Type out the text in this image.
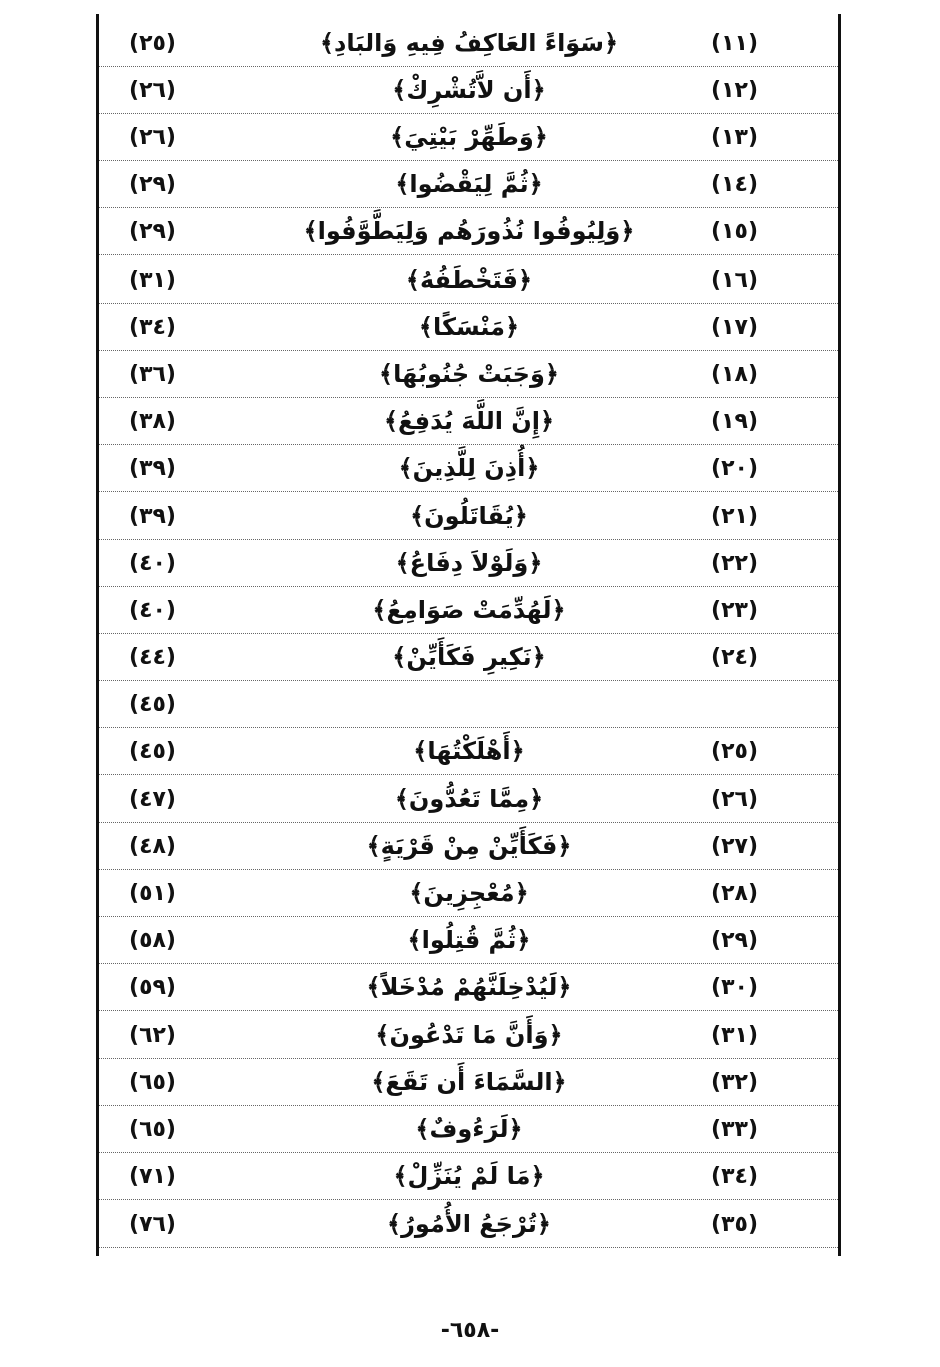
(٢٥)	﴿سَوَاءً العَاكِفُ فِيهِ وَالبَادِ﴾	(١١)
(٢٦)	﴿أَن لاَّتُشْرِكْ﴾	(١٢)
(٢٦)	﴿وَطَهِّرْ بَيْتِيَ﴾	(١٣)
(٢٩)	﴿ثُمَّ لِيَقْضُوا﴾	(١٤)
(٢٩)	﴿وَلِيُوفُوا نُذُورَهُم وَلِيَطَّوَّفُوا﴾	(١٥)
(٣١)	﴿فَتَخْطَفُهُ﴾	(١٦)
(٣٤)	﴿مَنْسَكًا﴾	(١٧)
(٣٦)	﴿وَجَبَتْ جُنُوبُهَا﴾	(١٨)
(٣٨)	﴿إِنَّ اللَّهَ يُدَفِعُ﴾	(١٩)
(٣٩)	﴿أُذِنَ لِلَّذِينَ﴾	(٢٠)
(٣٩)	﴿يُقَاتَلُونَ﴾	(٢١)
(٤٠)	﴿وَلَوْلاَ دِفَاعُ﴾	(٢٢)
(٤٠)	﴿لَهُدِّمَتْ صَوَامِعُ﴾	(٢٣)
(٤٤)	﴿نَكِيرِ فَكَأَيِّنْ﴾	(٢٤)
(٤٥)
(٤٥)	﴿أَهْلَكْتُهَا﴾	(٢٥)
(٤٧)	﴿مِمَّا تَعُدُّونَ﴾	(٢٦)
(٤٨)	﴿فَكَأَيِّنْ مِنْ قَرْيَةٍ﴾	(٢٧)
(٥١)	﴿مُعْجِزِينَ﴾	(٢٨)
(٥٨)	﴿ثُمَّ قُتِلُوا﴾	(٢٩)
(٥٩)	﴿لَيُدْخِلَنَّهُمْ مُدْخَلاً﴾	(٣٠)
(٦٢)	﴿وَأَنَّ مَا تَدْعُونَ﴾	(٣١)
(٦٥)	﴿السَّمَاءَ أَن تَقَعَ﴾	(٣٢)
(٦٥)	﴿لَرَءُوفٌ﴾	(٣٣)
(٧١)	﴿مَا لَمْ يُنَزِّلْ﴾	(٣٤)
(٧٦)	﴿تُرْجَعُ الأُمُورُ﴾	(٣٥)
-٦٥٨-
